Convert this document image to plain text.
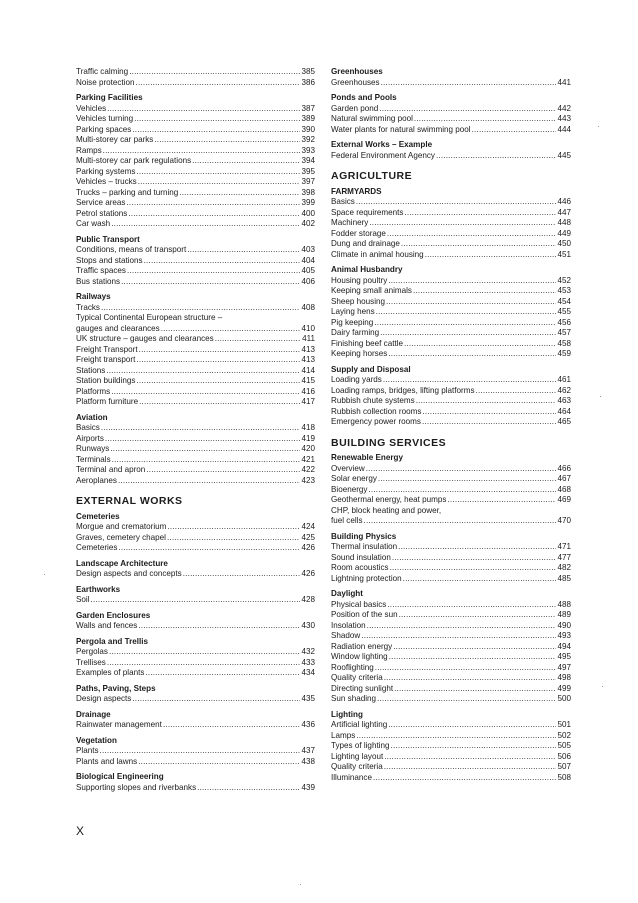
Traffic calming .....	385
Noise protection .....	386
Parking Facilities
Vehicles .....	387
Vehicles turning .....	389
Parking spaces .....	390
Multi-storey car parks .....	392
Ramps .....	393
Multi-storey car park regulations .....	394
Parking systems .....	395
Vehicles – trucks .....	397
Trucks – parking and turning .....	398
Service areas .....	399
Petrol stations .....	400
Car wash .....	402
Public Transport
Conditions, means of transport .....	403
Stops and stations .....	404
Traffic spaces .....	405
Bus stations .....	406
Railways
Tracks .....	408
Typical Continental European structure –
gauges and clearances .....	410
UK structure – gauges and clearances .....	411
Freight Transport .....	413
Freight transport .....	413
Stations .....	414
Station buildings .....	415
Platforms .....	416
Platform furniture .....	417
Aviation
Basics .....	418
Airports .....	419
Runways .....	420
Terminals .....	421
Terminal and apron .....	422
Aeroplanes .....	423
EXTERNAL WORKS
Cemeteries
Morgue and crematorium .....	424
Graves, cemetery chapel .....	425
Cemeteries .....	426
Landscape Architecture
Design aspects and concepts .....	426
Earthworks
Soil .....	428
Garden Enclosures
Walls and fences .....	430
Pergola and Trellis
Pergolas .....	432
Trellises .....	433
Examples of plants .....	434
Paths, Paving, Steps
Design aspects .....	435
Drainage
Rainwater management .....	436
Vegetation
Plants .....	437
Plants and lawns .....	438
Biological Engineering
Supporting slopes and riverbanks .....	439
Greenhouses
Greenhouses .....	441
Ponds and Pools
Garden pond .....	442
Natural swimming pool .....	443
Water plants for natural swimming pool .....	444
External Works – Example
Federal Environment Agency .....	445
AGRICULTURE
FARMYARDS
Basics .....	446
Space requirements .....	447
Machinery .....	448
Fodder storage .....	449
Dung and drainage .....	450
Climate in animal housing .....	451
Animal Husbandry
Housing poultry .....	452
Keeping small animals .....	453
Sheep housing .....	454
Laying hens .....	455
Pig keeping .....	456
Dairy farming .....	457
Finishing beef cattle .....	458
Keeping horses .....	459
Supply and Disposal
Loading yards .....	461
Loading ramps, bridges, lifting platforms .....	462
Rubbish chute systems .....	463
Rubbish collection rooms .....	464
Emergency power rooms .....	465
BUILDING SERVICES
Renewable Energy
Overview .....	466
Solar energy .....	467
Bioenergy .....	468
Geothermal energy, heat pumps .....	469
CHP, block heating and power,
fuel cells .....	470
Building Physics
Thermal insulation .....	471
Sound insulation .....	477
Room acoustics .....	482
Lightning protection .....	485
Daylight
Physical basics .....	488
Position of the sun .....	489
Insolation .....	490
Shadow .....	493
Radiation energy .....	494
Window lighting .....	495
Rooflighting .....	497
Quality criteria .....	498
Directing sunlight .....	499
Sun shading .....	500
Lighting
Artificial lighting .....	501
Lamps .....	502
Types of lighting .....	505
Lighting layout .....	506
Quality criteria .....	507
Illuminance .....	508
X
